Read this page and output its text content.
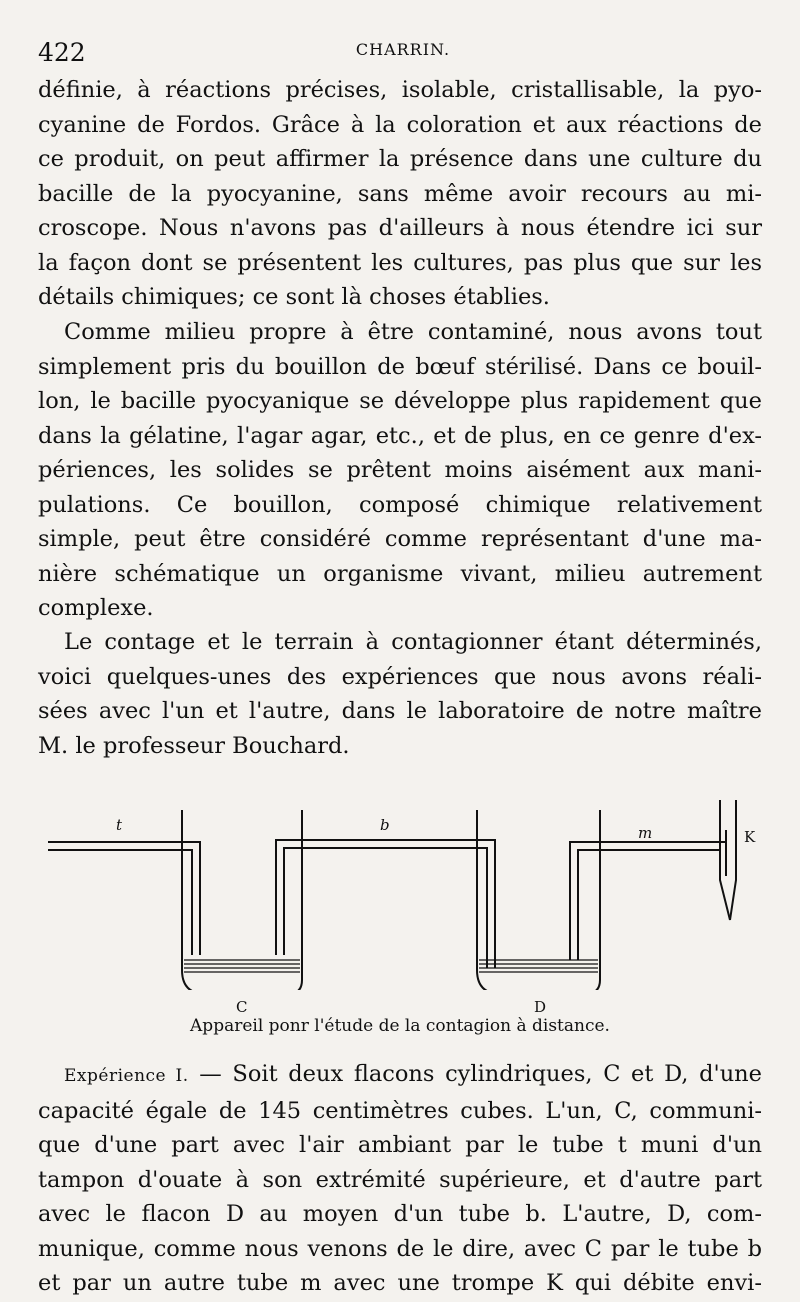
422	CHARRIN.
définie, à réactions précises, isolable, cristallisable, la pyo-
cyanine de Fordos. Grâce à la coloration et aux réactions de
ce produit, on peut affirmer la présence dans une culture du
bacille de la pyocyanine, sans même avoir recours au mi-
croscope. Nous n'avons pas d'ailleurs à nous étendre ici sur
la façon dont se présentent les cultures, pas plus que sur les
détails chimiques; ce sont là choses établies.
Comme milieu propre à être contaminé, nous avons tout
simplement pris du bouillon de bœuf stérilisé. Dans ce bouil-
lon, le bacille pyocyanique se développe plus rapidement que
dans la gélatine, l'agar agar, etc., et de plus, en ce genre d'ex-
périences, les solides se prêtent moins aisément aux mani-
pulations. Ce bouillon, composé chimique relativement
simple, peut être considéré comme représentant d'une ma-
nière schématique un organisme vivant, milieu autrement
complexe.
Le contage et le terrain à contagionner étant déterminés,
voici quelques-unes des expériences que nous avons réali-
sées avec l'un et l'autre, dans le laboratoire de notre maître
M. le professeur Bouchard.
t	b	m	K
C	D
Appareil ponr l'étude de la contagion à distance.
Expérience I. — Soit deux flacons cylindriques, C et D, d'une
capacité égale de 145 centimètres cubes. L'un, C, communi-
que d'une part avec l'air ambiant par le tube t muni d'un
tampon d'ouate à son extrémité supérieure, et d'autre part
avec le flacon D au moyen d'un tube b. L'autre, D, com-
munique, comme nous venons de le dire, avec C par le tube b
et par un autre tube m avec une trompe K qui débite envi-
